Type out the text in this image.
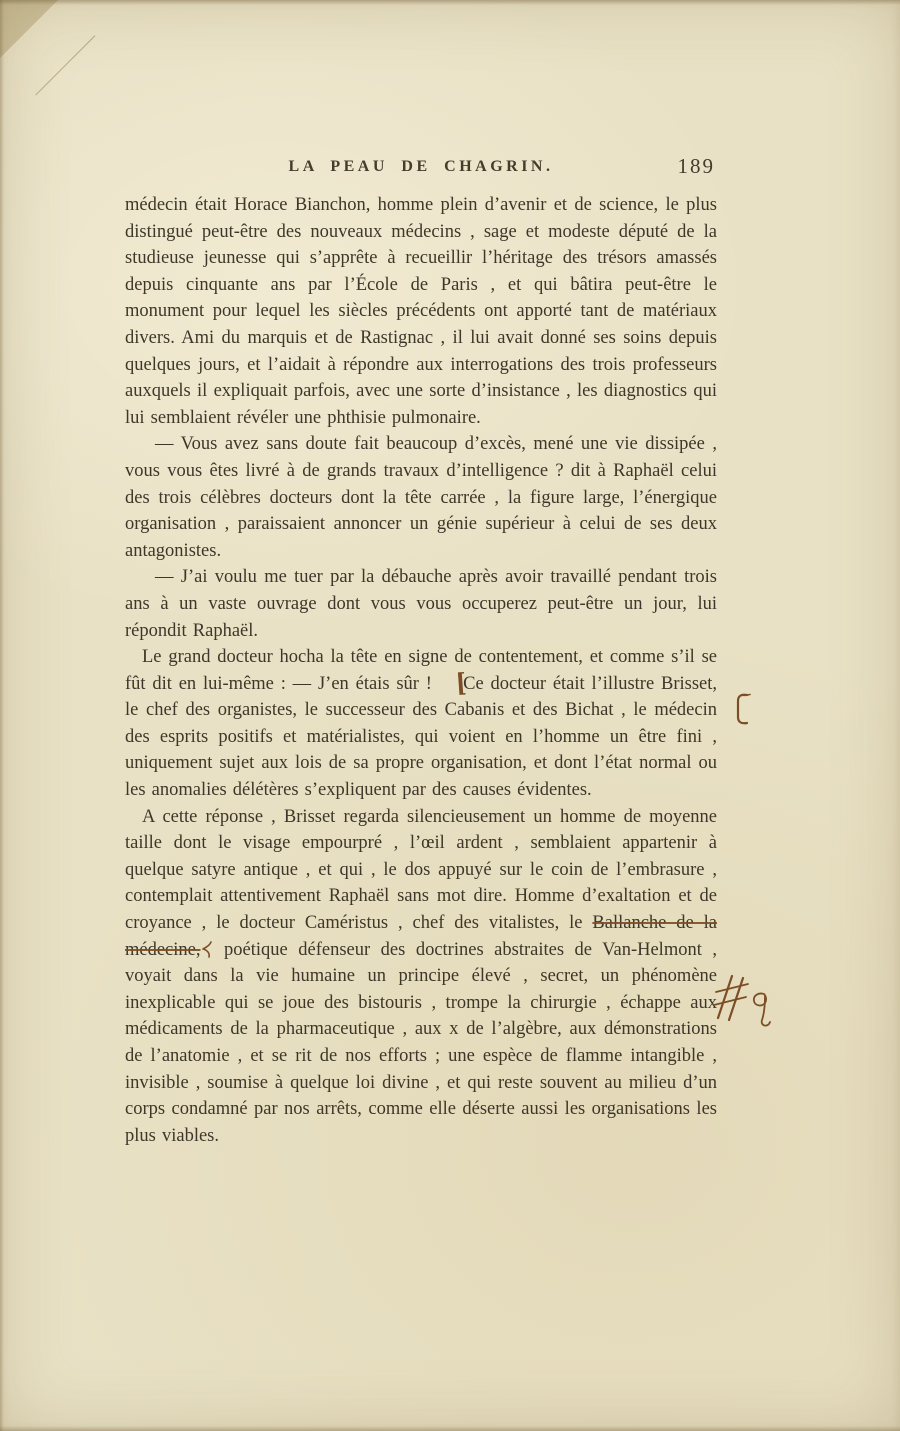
LA PEAU DE CHAGRIN.	189

médecin était Horace Bianchon, homme plein d’avenir et de science, le plus distingué peut-être des nouveaux médecins , sage et modeste député de la studieuse jeunesse qui s’apprête à recueillir l’héritage des trésors amassés depuis cinquante ans par l’École de Paris , et qui bâtira peut-être le monument pour lequel les siècles précédents ont apporté tant de matériaux divers. Ami du marquis et de Rastignac , il lui avait donné ses soins depuis quelques jours, et l’aidait à répondre aux interrogations des trois professeurs auxquels il expliquait parfois, avec une sorte d’insistance , les diagnostics qui lui semblaient révéler une phthisie pulmonaire.

— Vous avez sans doute fait beaucoup d’excès, mené une vie dissipée , vous vous êtes livré à de grands travaux d’intelligence ? dit à Raphaël celui des trois célèbres docteurs dont la tête carrée , la figure large, l’énergique organisation , paraissaient annoncer un génie supérieur à celui de ses deux antagonistes.

— J’ai voulu me tuer par la débauche après avoir travaillé pendant trois ans à un vaste ouvrage dont vous vous occuperez peut-être un jour, lui répondit Raphaël.

Le grand docteur hocha la tête en signe de contentement, et comme s’il se fût dit en lui-même : — J’en étais sûr ! [Ce docteur était l’illustre Brisset, le chef des organistes, le successeur des Cabanis et des Bichat , le médecin des esprits positifs et matérialistes, qui voient en l’homme un être fini , uniquement sujet aux lois de sa propre organisation, et dont l’état normal ou les anomalies délétères s’expliquent par des causes évidentes.

A cette réponse , Brisset regarda silencieusement un homme de moyenne taille dont le visage empourpré , l’œil ardent , semblaient appartenir à quelque satyre antique , et qui , le dos appuyé sur le coin de l’embrasure , contemplait attentivement Raphaël sans mot dire. Homme d’exaltation et de croyance , le docteur Caméristus , chef des vitalistes, le Ballanche de la médecine, poétique défenseur des doctrines abstraites de Van-Helmont , voyait dans la vie humaine un principe élevé , secret, un phénomène inexplicable qui se joue des bistouris , trompe la chirurgie , échappe aux médicaments de la pharmaceutique , aux x de l’algèbre, aux démonstrations de l’anatomie , et se rit de nos efforts ; une espèce de flamme intangible , invisible , soumise à quelque loi divine , et qui reste souvent au milieu d’un corps condamné par nos arrêts, comme elle déserte aussi les organisations les plus viables.
